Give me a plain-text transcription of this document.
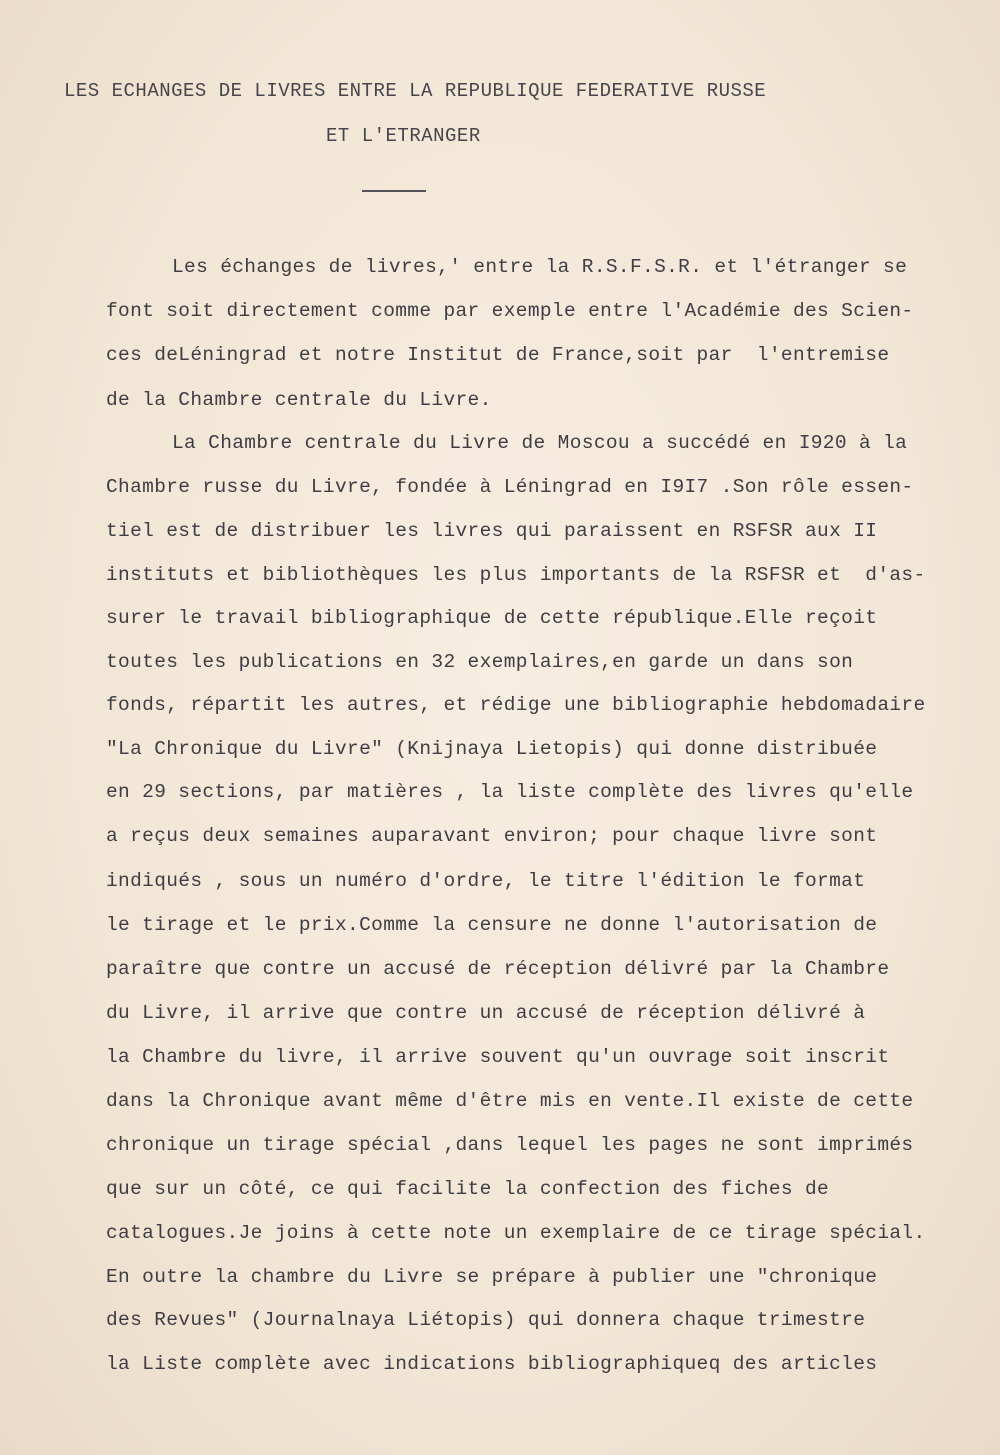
LES ECHANGES DE LIVRES ENTRE LA REPUBLIQUE FEDERATIVE RUSSE
ET L'ETRANGER
Les échanges de livres,' entre la R.S.F.S.R. et l'étranger se
font soit directement comme par exemple entre l'Académie des Scien-
ces deLéningrad et notre Institut de France,soit par  l'entremise
de la Chambre centrale du Livre.
La Chambre centrale du Livre de Moscou a succédé en I920 à la
Chambre russe du Livre, fondée à Léningrad en I9I7 .Son rôle essen-
tiel est de distribuer les livres qui paraissent en RSFSR aux II
instituts et bibliothèques les plus importants de la RSFSR et  d'as-
surer le travail bibliographique de cette république.Elle reçoit
toutes les publications en 32 exemplaires,en garde un dans son
fonds, répartit les autres, et rédige une bibliographie hebdomadaire
"La Chronique du Livre" (Knijnaya Lietopis) qui donne distribuée
en 29 sections, par matières , la liste complète des livres qu'elle
a reçus deux semaines auparavant environ; pour chaque livre sont
indiqués , sous un numéro d'ordre, le titre l'édition le format
le tirage et le prix.Comme la censure ne donne l'autorisation de
paraître que contre un accusé de réception délivré par la Chambre
du Livre, il arrive que contre un accusé de réception délivré à
la Chambre du livre, il arrive souvent qu'un ouvrage soit inscrit
dans la Chronique avant même d'être mis en vente.Il existe de cette
chronique un tirage spécial ,dans lequel les pages ne sont imprimés
que sur un côté, ce qui facilite la confection des fiches de
catalogues.Je joins à cette note un exemplaire de ce tirage spécial.
En outre la chambre du Livre se prépare à publier une "chronique
des Revues" (Journalnaya Liétopis) qui donnera chaque trimestre
la Liste complète avec indications bibliographiqueq des articles
